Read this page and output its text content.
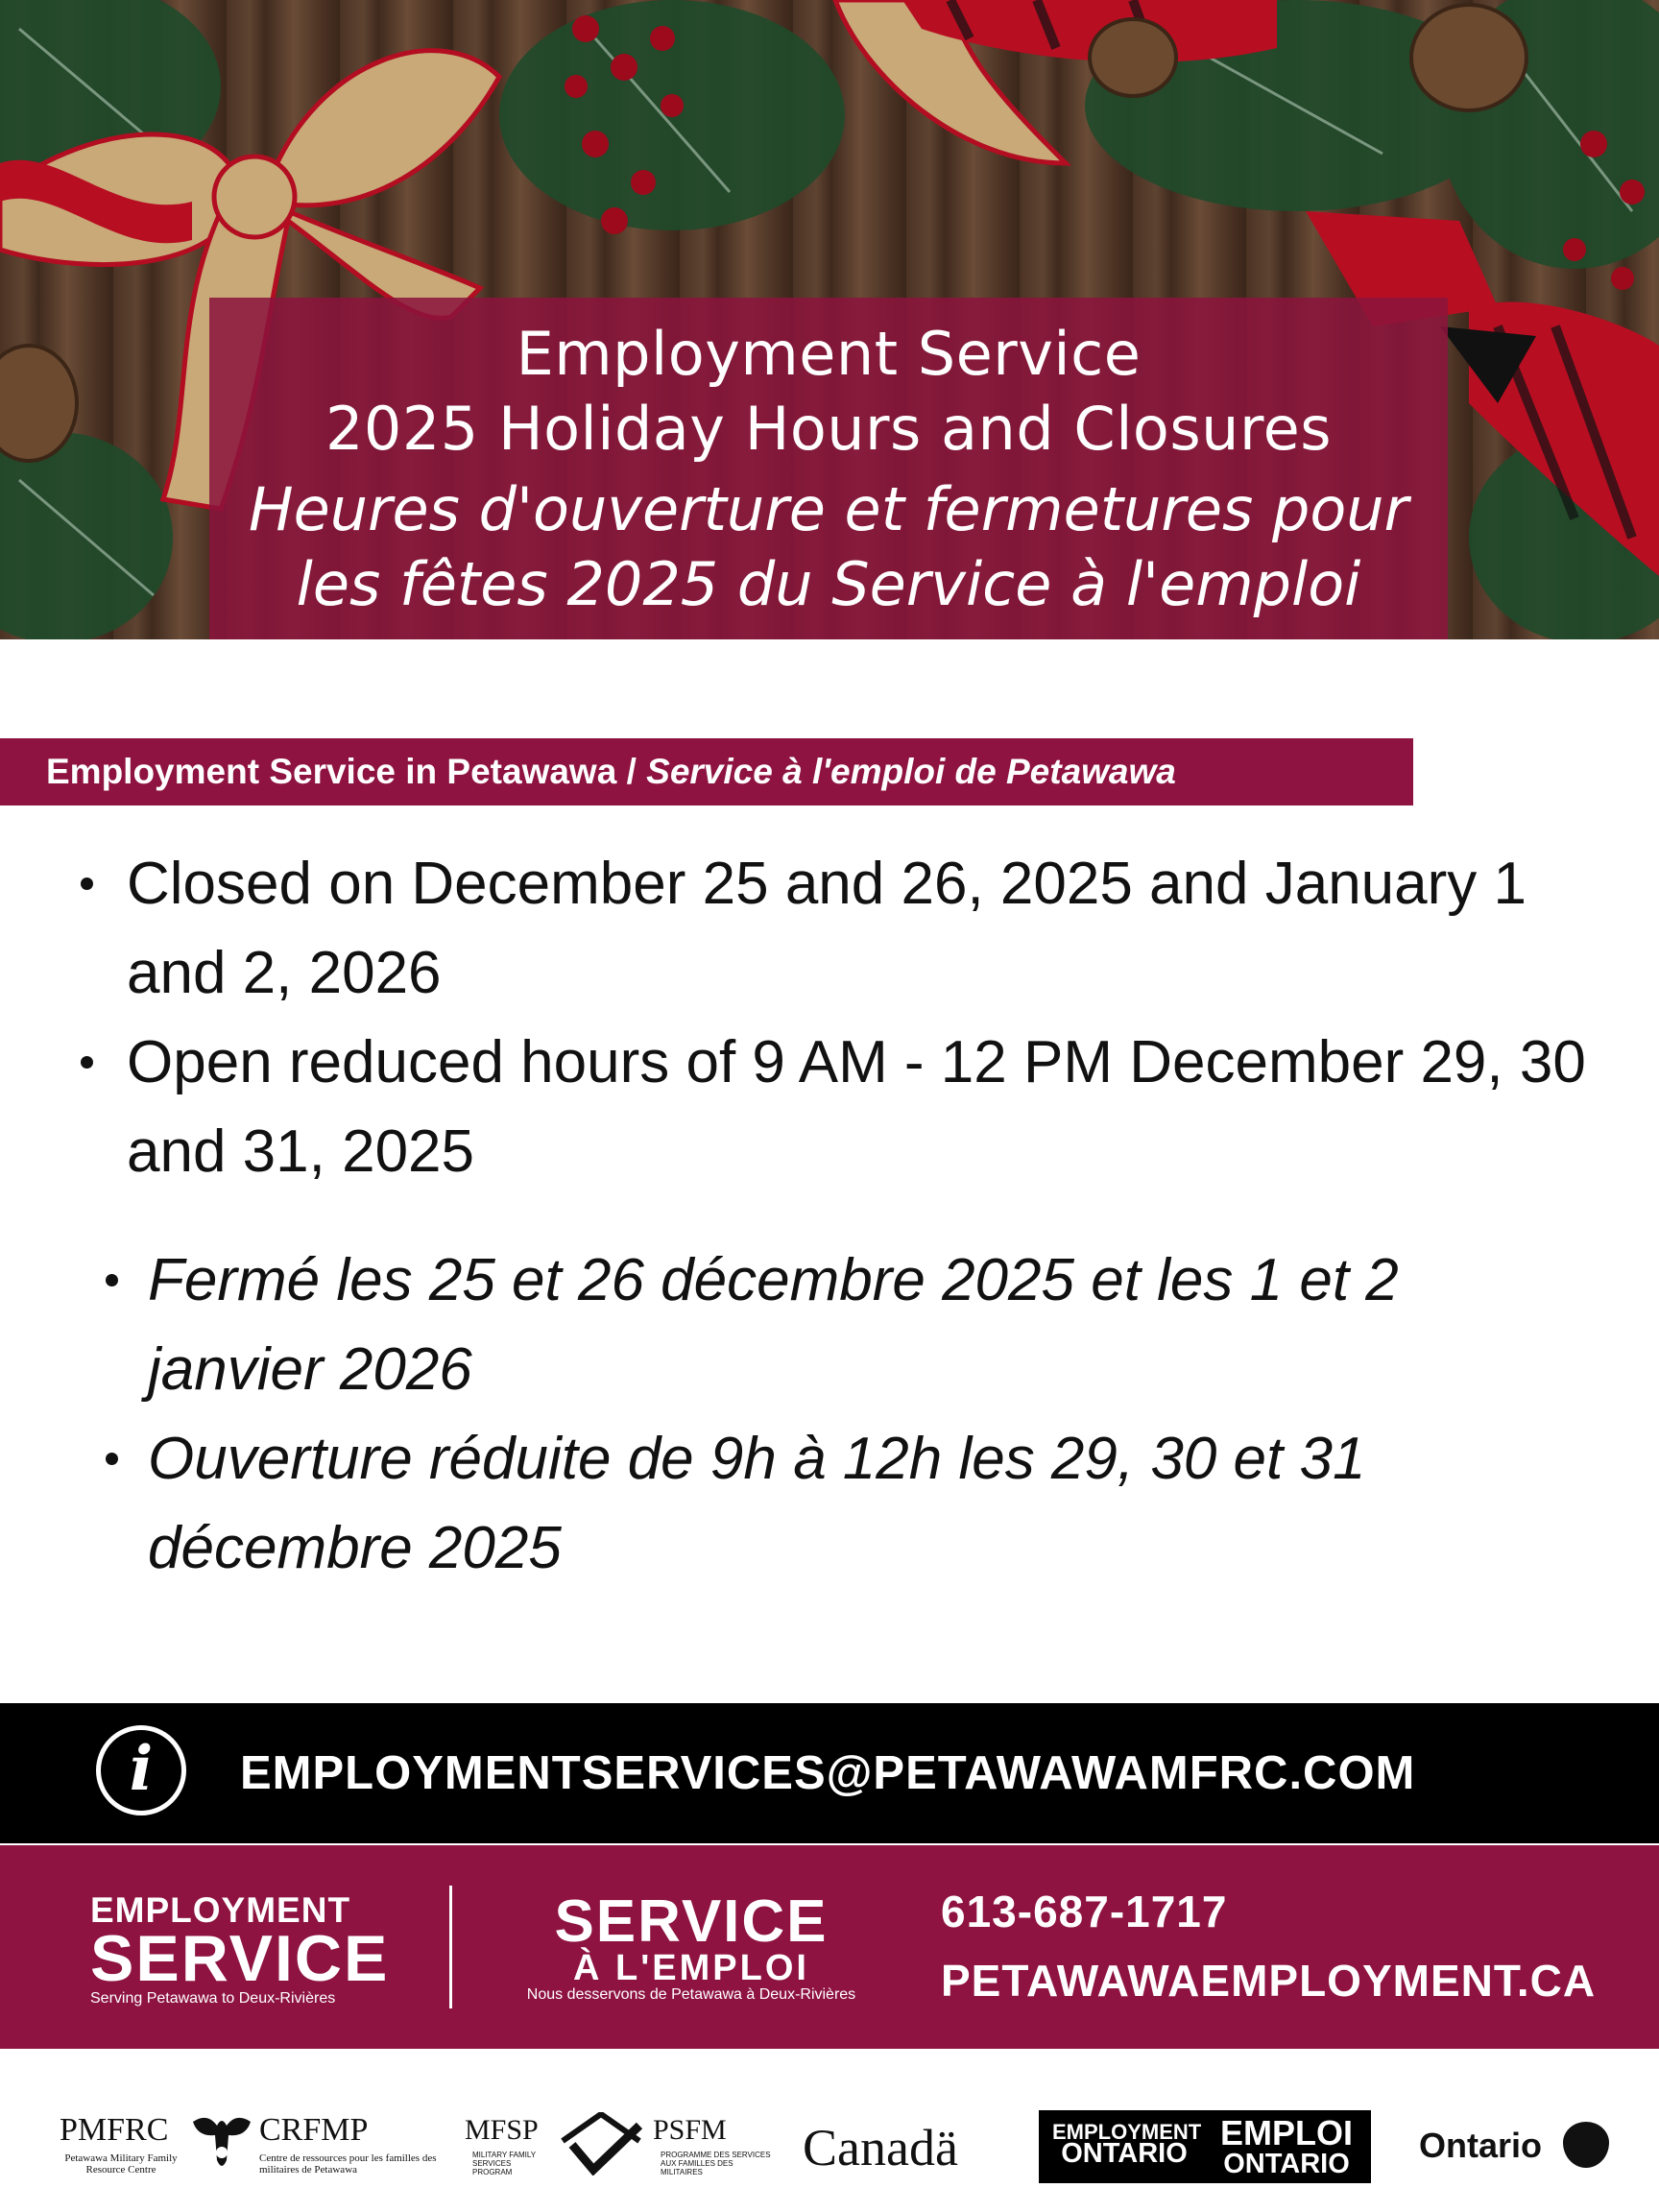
Employment Service
2025 Holiday Hours and Closures
Heures d'ouverture et fermetures pour
les fêtes 2025 du Service à l'emploi
Employment Service in Petawawa / Service à l'emploi de Petawawa
Closed on December 25 and 26, 2025 and January 1 and 2, 2026
Open reduced hours of 9 AM - 12 PM December 29, 30 and 31, 2025
Fermé les 25 et 26 décembre 2025 et les 1 et 2 janvier 2026
Ouverture réduite de 9h à 12h les 29, 30 et 31 décembre 2025
i	EMPLOYMENTSERVICES@PETAWAWAMFRC.COM
EMPLOYMENT
SERVICE
Serving Petawawa to Deux-Rivières
SERVICE
À L'EMPLOI
Nous desservons de Petawawa à Deux-Rivières
613-687-1717
PETAWAWAEMPLOYMENT.CA
PMFRC	CRFMP
Petawawa Military Family Resource Centre
Centre de ressources pour les familles des militaires de Petawawa
MFSP	PSFM
MILITARY FAMILY SERVICES PROGRAM
PROGRAMME DES SERVICES AUX FAMILLES DES MILITAIRES	Canadä	EMPLOYMENT
ONTARIO
EMPLOI
ONTARIO	Ontario
